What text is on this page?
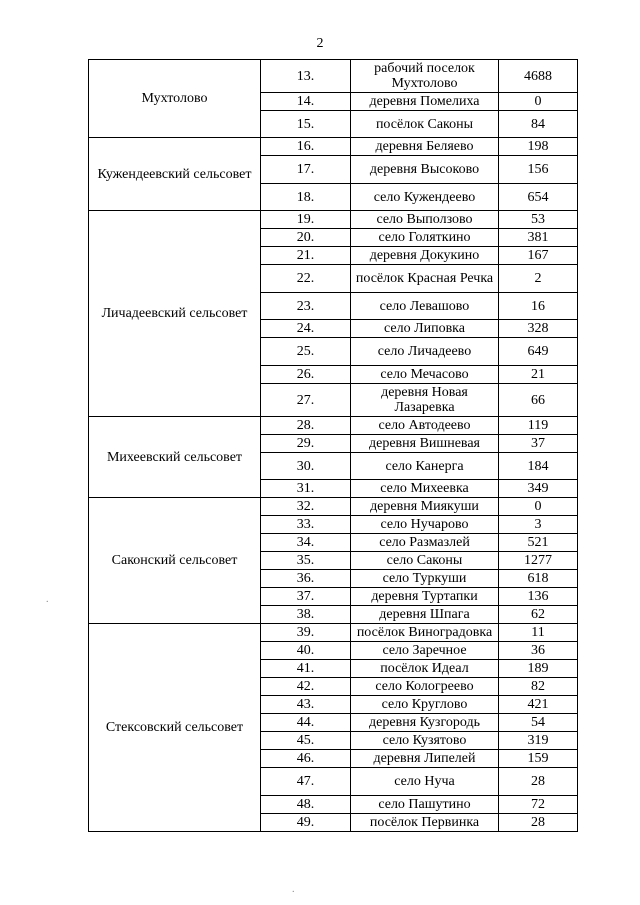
2
Мухтолово	13.	рабочий поселок Мухтолово	4688
	14.	деревня Помелиха	0
	15.	посёлок Саконы	84
Кужендеевский сельсовет	16.	деревня Беляево	198
	17.	деревня Высоково	156
	18.	село Кужендеево	654
Личадеевский сельсовет	19.	село Выползово	53
	20.	село Голяткино	381
	21.	деревня Докукино	167
	22.	посёлок Красная Речка	2
	23.	село Левашово	16
	24.	село Липовка	328
	25.	село Личадеево	649
	26.	село Мечасово	21
	27.	деревня Новая Лазаревка	66
Михеевский сельсовет	28.	село Автодеево	119
	29.	деревня Вишневая	37
	30.	село Канерга	184
	31.	село Михеевка	349
Саконский сельсовет	32.	деревня Миякуши	0
	33.	село Нучарово	3
	34.	село Размазлей	521
	35.	село Саконы	1277
	36.	село Туркуши	618
	37.	деревня Туртапки	136
	38.	деревня Шпага	62
Стексовский сельсовет	39.	посёлок Виноградовка	11
	40.	село Заречное	36
	41.	посёлок Идеал	189
	42.	село Кологреево	82
	43.	село Круглово	421
	44.	деревня Кузгородь	54
	45.	село Кузятово	319
	46.	деревня Липелей	159
	47.	село Нуча	28
	48.	село Пашутино	72
	49.	посёлок Первинка	28
.
.
